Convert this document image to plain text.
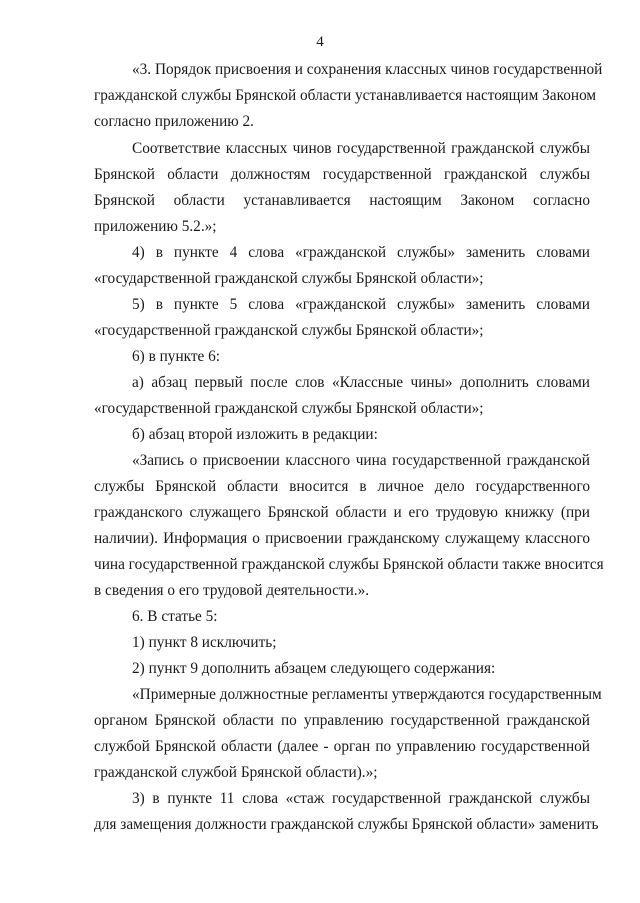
4
«3. Порядок присвоения и сохранения классных чинов государственной
гражданской службы Брянской области устанавливается настоящим Законом
согласно приложению 2.
Соответствие классных чинов государственной гражданской службы
Брянской области должностям государственной гражданской службы
Брянской области устанавливается настоящим Законом согласно
приложению 5.2.»;
4) в пункте 4 слова «гражданской службы» заменить словами
«государственной гражданской службы Брянской области»;
5) в пункте 5 слова «гражданской службы» заменить словами
«государственной гражданской службы Брянской области»;
6) в пункте 6:
а) абзац первый после слов «Классные чины» дополнить словами
«государственной гражданской службы Брянской области»;
б) абзац второй изложить в редакции:
«Запись о присвоении классного чина государственной гражданской
службы Брянской области вносится в личное дело государственного
гражданского служащего Брянской области и его трудовую книжку (при
наличии). Информация о присвоении гражданскому служащему классного
чина государственной гражданской службы Брянской области также вносится
в сведения о его трудовой деятельности.».
6. В статье 5:
1) пункт 8 исключить;
2) пункт 9 дополнить абзацем следующего содержания:
«Примерные должностные регламенты утверждаются государственным
органом Брянской области по управлению государственной гражданской
службой Брянской области (далее - орган по управлению государственной
гражданской службой Брянской области).»;
3) в пункте 11 слова «стаж государственной гражданской службы
для замещения должности гражданской службы Брянской области» заменить
